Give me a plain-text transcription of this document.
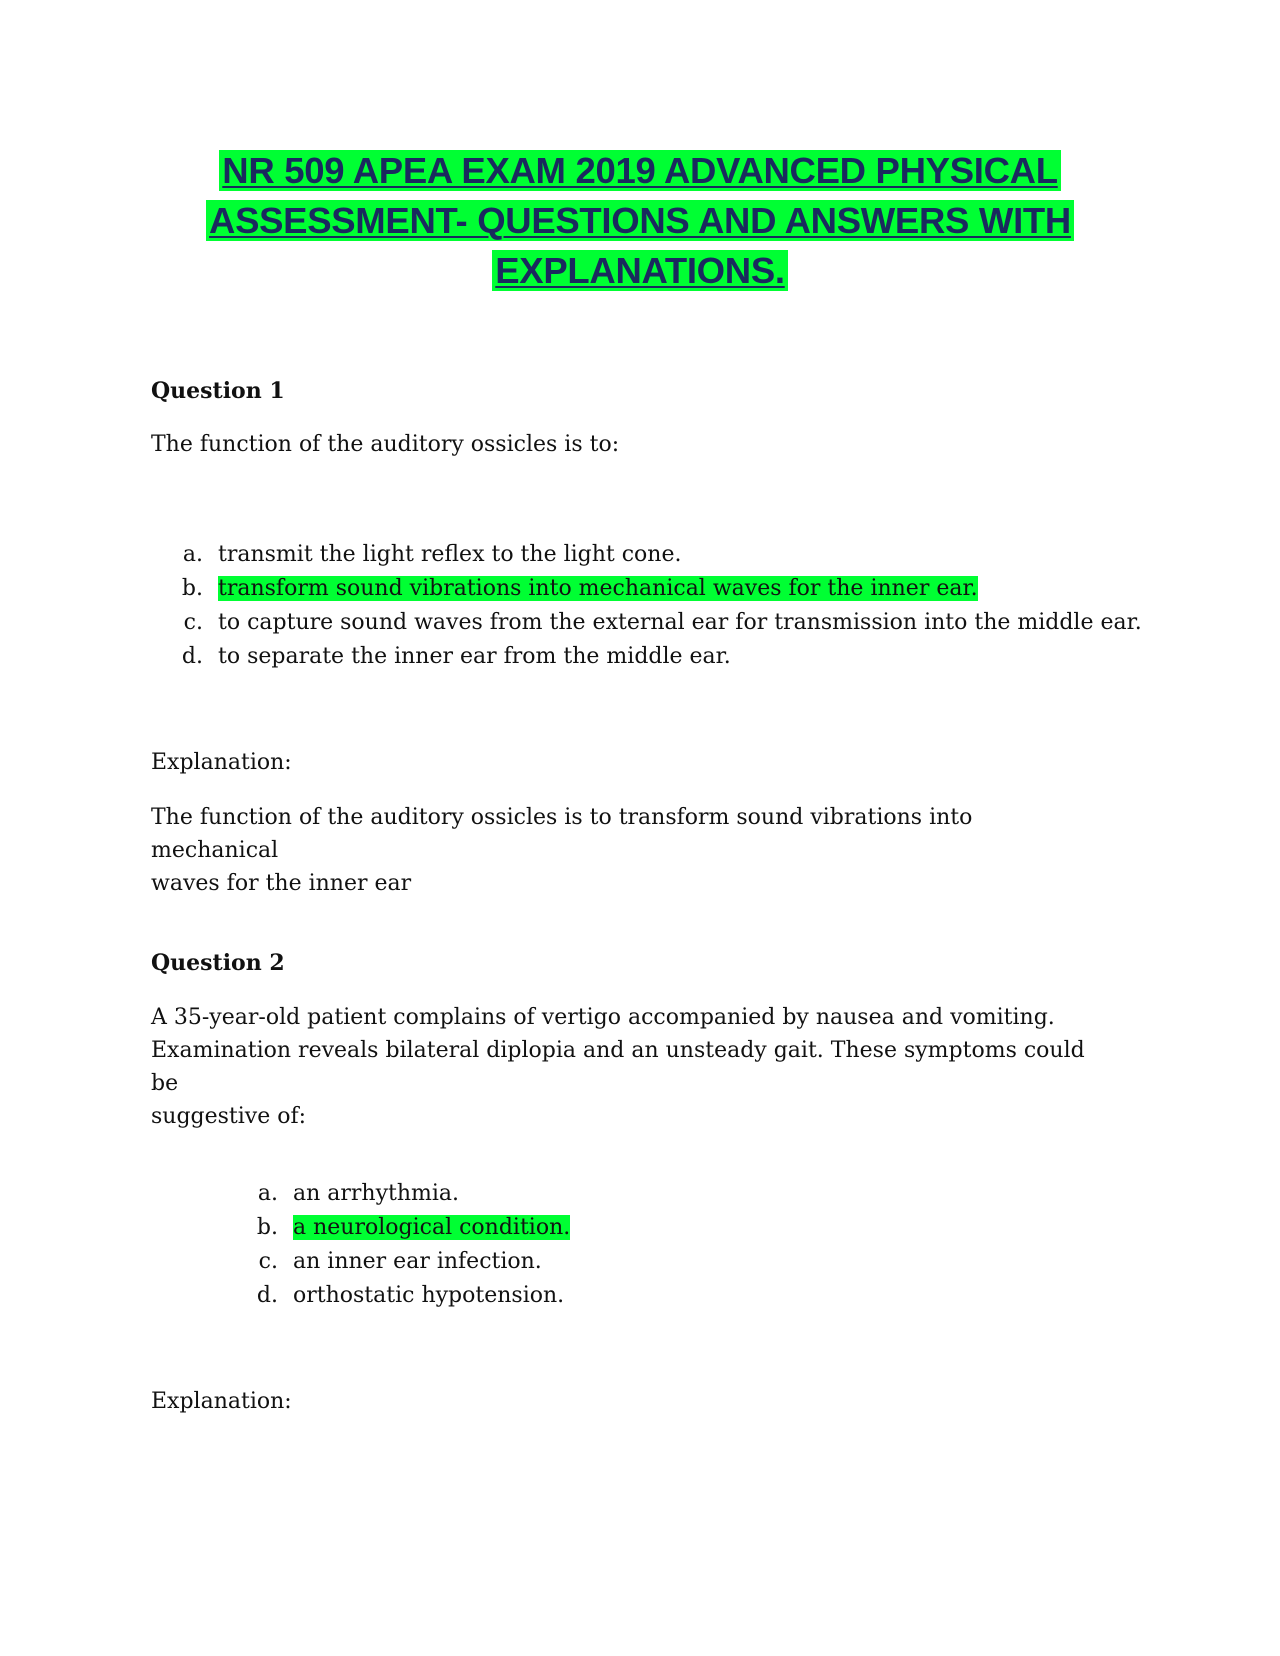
NR 509 APEA EXAM 2019 ADVANCED PHYSICAL
ASSESSMENT- QUESTIONS AND ANSWERS WITH
EXPLANATIONS.
Question 1
The function of the auditory ossicles is to:
a. transmit the light reflex to the light cone.
b. transform sound vibrations into mechanical waves for the inner ear.
c. to capture sound waves from the external ear for transmission into the middle ear.
d. to separate the inner ear from the middle ear.
Explanation:
The function of the auditory ossicles is to transform sound vibrations into mechanical
waves for the inner ear
Question 2
A 35-year-old patient complains of vertigo accompanied by nausea and vomiting.
Examination reveals bilateral diplopia and an unsteady gait. These symptoms could be
suggestive of:
a. an arrhythmia.
b. a neurological condition.
c. an inner ear infection.
d. orthostatic hypotension.
Explanation:
